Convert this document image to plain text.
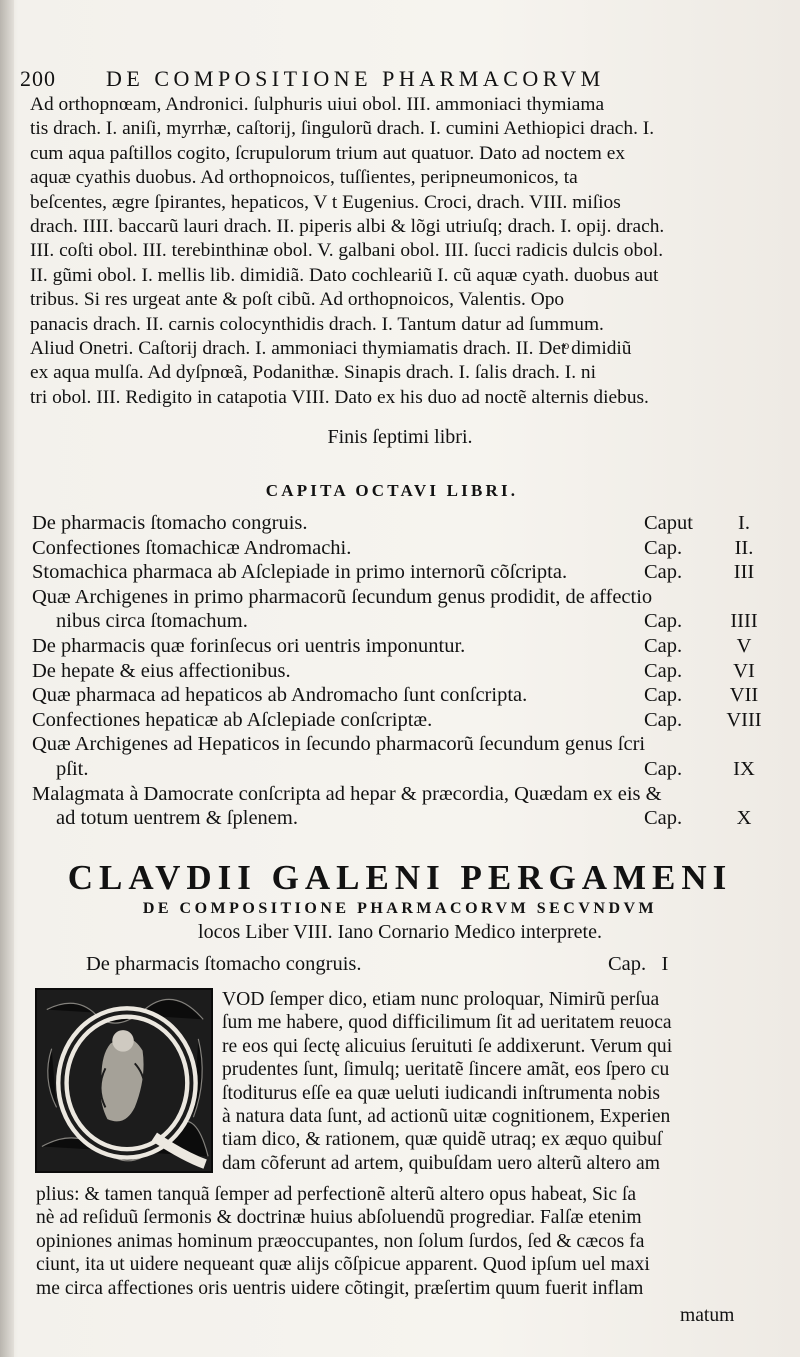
200 DE COMPOSITIONE PHARMACORVM
Ad orthopnœam, Andronici. ſulphuris uiui obol. III. ammoniaci thymiama
tis drach. I. aniſi, myrrhæ, caſtorij, ſingulorũ drach. I. cumini Aethiopici drach. I.
cum aqua paſtillos cogito, ſcrupulorum trium aut quatuor. Dato ad noctem ex
aquæ cyathis duobus. Ad orthopnoicos, tuſſientes, peripneumonicos, ta
beſcentes, ægre ſpirantes, hepaticos, V t Eugenius. Croci, drach. VIII. miſios
drach. IIII. baccarũ lauri drach. II. piperis albi & lõgi utriuſq; drach. I. opij. drach.
III. coſti obol. III. terebinthinæ obol. V. galbani obol. III. ſucci radicis dulcis obol.
II. gũmi obol. I. mellis lib. dimidiã. Dato cochleariũ I. cũ aquæ cyath. duobus aut
tribus. Si res urgeat ante & poſt cibũ. Ad orthopnoicos, Valentis. Opo
panacis drach. II. carnis colocynthidis drach. I. Tantum datur ad ſummum.
Aliud Onetri. Caſtorij drach. I. ammoniaci thymiamatis drach. II. Detͦ dimidiũ
ex aqua mulſa. Ad dyſpnœã, Podanithæ. Sinapis drach. I. ſalis drach. I. ni
tri obol. III. Redigito in catapotia VIII. Dato ex his duo ad noctẽ alternis diebus.
Finis ſeptimi libri.
CAPITA OCTAVI LIBRI.
De pharmacis ſtomacho congruis.	Caput	I.
Confectiones ſtomachicæ Andromachi.	Cap.	II.
Stomachica pharmaca ab Aſclepiade in primo internorũ cõſcripta.	Cap.	III
Quæ Archigenes in primo pharmacorũ ſecundum genus prodidit, de affectio
nibus circa ſtomachum.	Cap.	IIII
De pharmacis quæ forinſecus ori uentris imponuntur.	Cap.	V
De hepate & eius affectionibus.	Cap.	VI
Quæ pharmaca ad hepaticos ab Andromacho ſunt conſcripta.	Cap.	VII
Confectiones hepaticæ ab Aſclepiade conſcriptæ.	Cap.	VIII
Quæ Archigenes ad Hepaticos in ſecundo pharmacorũ ſecundum genus ſcri
pſit.	Cap.	IX
Malagmata à Damocrate conſcripta ad hepar & præcordia, Quædam ex eis &
ad totum uentrem & ſplenem.	Cap.	X
CLAVDII GALENI PERGAMENI
DE COMPOSITIONE PHARMACORVM SECVNDVM
locos Liber VIII. Iano Cornario Medico interprete.
De pharmacis ſtomacho congruis.	Cap. I
VOD ſemper dico, etiam nunc proloquar, Nimirũ perſua
ſum me habere, quod difficilimum ſit ad ueritatem reuoca
re eos qui ſectę alicuius ſeruituti ſe addixerunt. Verum qui
prudentes ſunt, ſimulq; ueritatẽ ſincere amãt, eos ſpero cu
ſtoditurus eſſe ea quæ ueluti iudicandi inſtrumenta nobis
à natura data ſunt, ad actionũ uitæ cognitionem, Experien
tiam dico, & rationem, quæ quidẽ utraq; ex æquo quibuſ
dam cõferunt ad artem, quibuſdam uero alterũ altero am
plius: & tamen tanquã ſemper ad perfectionẽ alterũ altero opus habeat, Sic ſa
nè ad reſiduũ ſermonis & doctrinæ huius abſoluendũ progrediar. Falſæ etenim
opiniones animas hominum præoccupantes, non ſolum ſurdos, ſed & cæcos fa
ciunt, ita ut uidere nequeant quæ alijs cõſpicue apparent. Quod ipſum uel maxi
me circa affectiones oris uentris uidere cõtingit, præſertim quum fuerit inflam
matum
